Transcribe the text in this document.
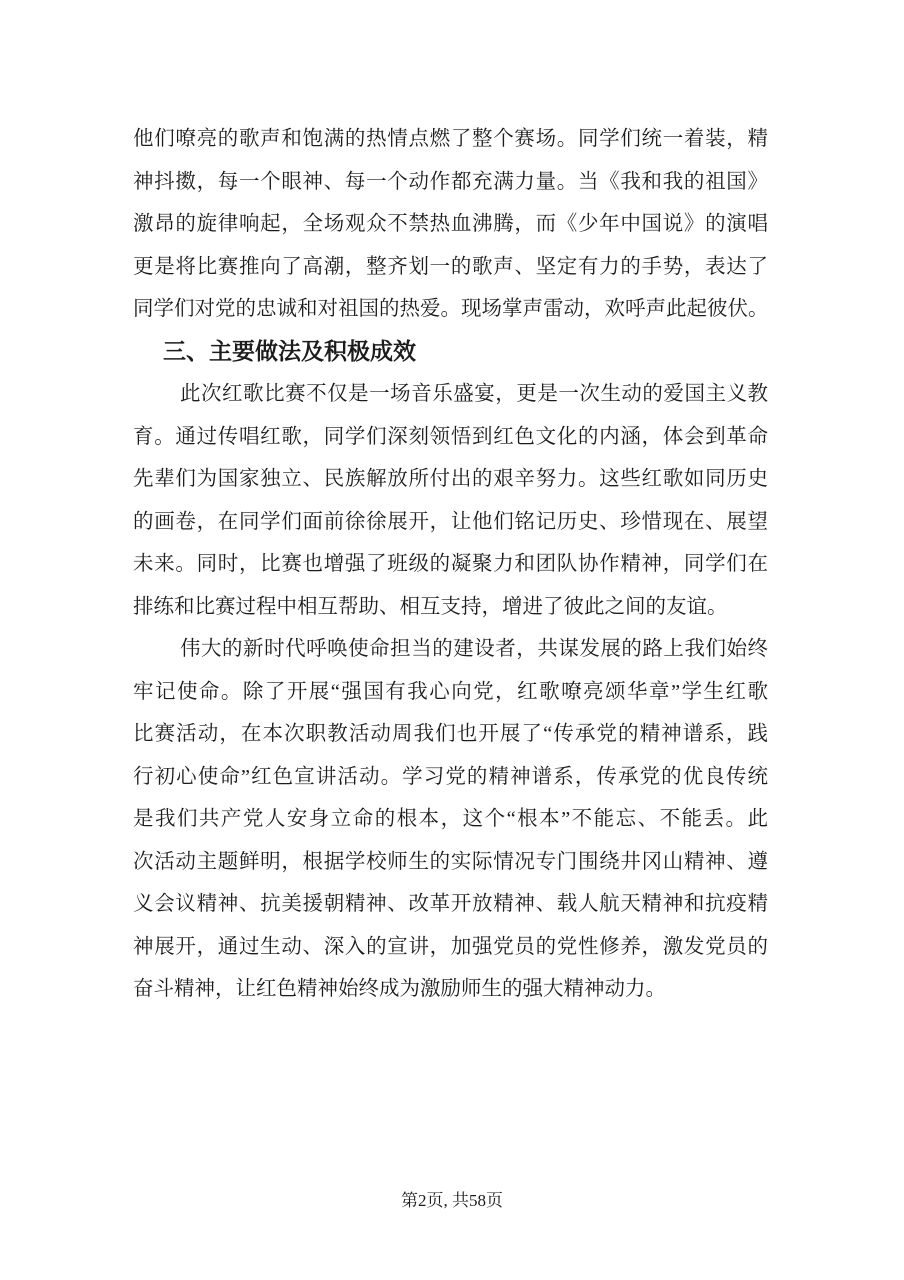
他们嘹亮的歌声和饱满的热情点燃了整个赛场。同学们统一着装，精
神抖擞，每一个眼神、每一个动作都充满力量。当《我和我的祖国》
激昂的旋律响起，全场观众不禁热血沸腾，而《少年中国说》的演唱
更是将比赛推向了高潮，整齐划一的歌声、坚定有力的手势，表达了
同学们对党的忠诚和对祖国的热爱。现场掌声雷动，欢呼声此起彼伏。
三、主要做法及积极成效
此次红歌比赛不仅是一场音乐盛宴，更是一次生动的爱国主义教
育。通过传唱红歌，同学们深刻领悟到红色文化的内涵，体会到革命
先辈们为国家独立、民族解放所付出的艰辛努力。这些红歌如同历史
的画卷，在同学们面前徐徐展开，让他们铭记历史、珍惜现在、展望
未来。同时，比赛也增强了班级的凝聚力和团队协作精神，同学们在
排练和比赛过程中相互帮助、相互支持，增进了彼此之间的友谊。
伟大的新时代呼唤使命担当的建设者，共谋发展的路上我们始终
牢记使命。除了开展“强国有我心向党，红歌嘹亮颂华章”学生红歌
比赛活动，在本次职教活动周我们也开展了“传承党的精神谱系，践
行初心使命”红色宣讲活动。学习党的精神谱系，传承党的优良传统
是我们共产党人安身立命的根本，这个“根本”不能忘、不能丢。此
次活动主题鲜明，根据学校师生的实际情况专门围绕井冈山精神、遵
义会议精神、抗美援朝精神、改革开放精神、载人航天精神和抗疫精
神展开，通过生动、深入的宣讲，加强党员的党性修养，激发党员的
奋斗精神，让红色精神始终成为激励师生的强大精神动力。
第2页, 共58页
